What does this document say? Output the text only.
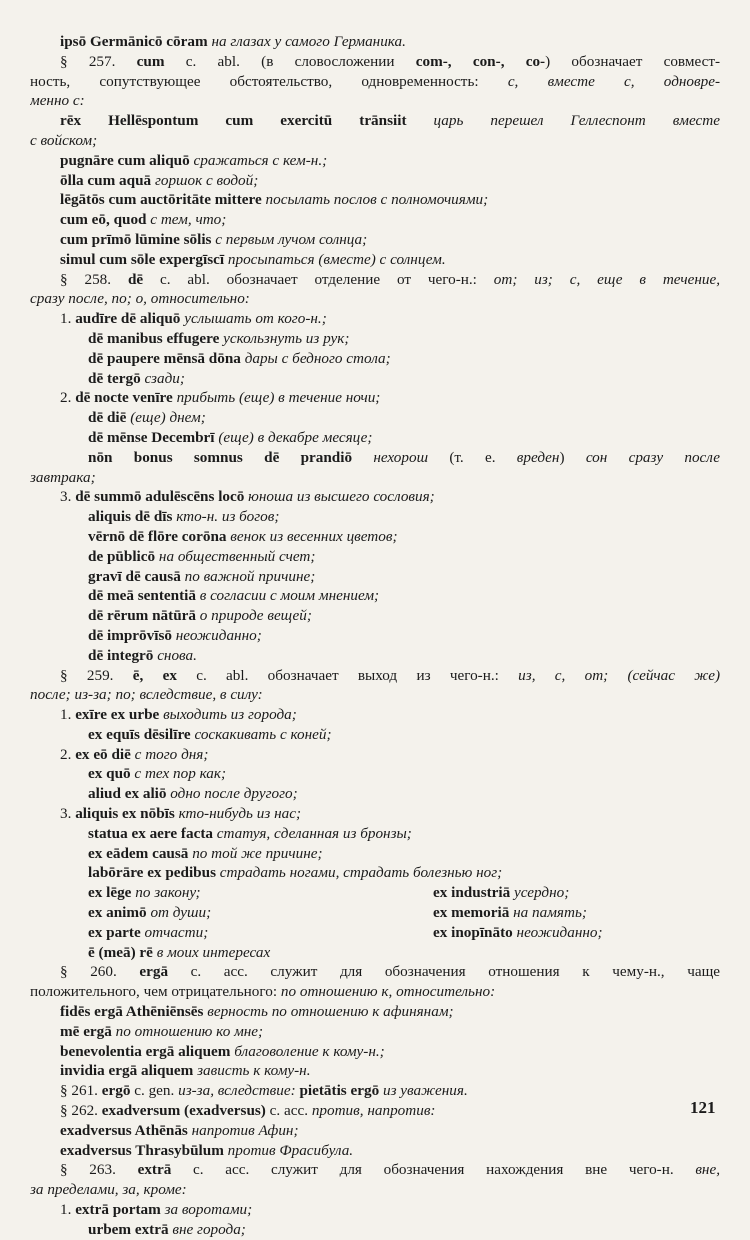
ipsō Germānicō cōram на глазах у самого Германика.
§ 257. cum c. abl. (в словосложении com-, con-, co-) обозначает совмест-
ность, сопутствующее обстоятельство, одновременность: с, вместе с, одновре-
менно с:
rēx Hellēspontum cum exercitū trānsiit царь перешел Геллеспонт вместе
с войском;
pugnāre cum aliquō сражаться с кем-н.;
ōlla cum aquā горшок с водой;
lēgātōs cum auctōritāte mittere посылать послов с полномочиями;
cum eō, quod с тем, что;
cum prīmō lūmine sōlis с первым лучом солнца;
simul cum sōle expergīscī просыпаться (вместе) с солнцем.
§ 258. dē c. abl. обозначает отделение от чего-н.: от; из; с, еще в течение,
сразу после, по; о, относительно:
1. audīre dē aliquō услышать от кого-н.;
dē manibus effugere ускользнуть из рук;
dē paupere mēnsā dōna дары с бедного стола;
dē tergō сзади;
2. dē nocte venīre прибыть (еще) в течение ночи;
dē diē (еще) днем;
dē mēnse Decembrī (еще) в декабре месяце;
nōn bonus somnus dē prandiō нехорош (т. е. вреден) сон сразу после
завтрака;
3. dē summō adulēscēns locō юноша из высшего сословия;
aliquis dē dīs кто-н. из богов;
vērnō dē flōre corōna венок из весенних цветов;
de pūblicō на общественный счет;
gravī dē causā по важной причине;
dē meā sententiā в согласии с моим мнением;
dē rērum nātūrā о природе вещей;
dē imprōvīsō неожиданно;
dē integrō снова.
§ 259. ē, ex c. abl. обозначает выход из чего-н.: из, с, от; (сейчас же)
после; из-за; по; вследствие, в силу:
1. exīre ex urbe выходить из города;
ex equīs dēsilīre соскакивать с коней;
2. ex eō diē с того дня;
ex quō с тех пор как;
aliud ex aliō одно после другого;
3. aliquis ex nōbīs кто-нибудь из нас;
statua ex aere facta статуя, сделанная из бронзы;
ex eādem causā по той же причине;
labōrāre ex pedibus страдать ногами, страдать болезнью ног;
ex lēge по закону;	ex industriā усердно;
ex animō от души;	ex memoriā на память;
ex parte отчасти;	ex inopīnāto неожиданно;
ē (meā) rē в моих интересах
§ 260. ergā c. acc. служит для обозначения отношения к чему-н., чаще
положительного, чем отрицательного: по отношению к, относительно:
fidēs ergā Athēniēnsēs верность по отношению к афинянам;
mē ergā по отношению ко мне;
benevolentia ergā aliquem благоволение к кому-н.;
invidia ergā aliquem зависть к кому-н.
§ 261. ergō c. gen. из-за, вследствие: pietātis ergō из уважения.
§ 262. exadversum (exadversus) c. acc. против, напротив:
exadversus Athēnās напротив Афин;
exadversus Thrasybūlum против Фрасибула.
§ 263. extrā c. acc. служит для обозначения нахождения вне чего-н. вне,
за пределами, за, кроме:
1. extrā portam за воротами;
urbem extrā вне города;
121
